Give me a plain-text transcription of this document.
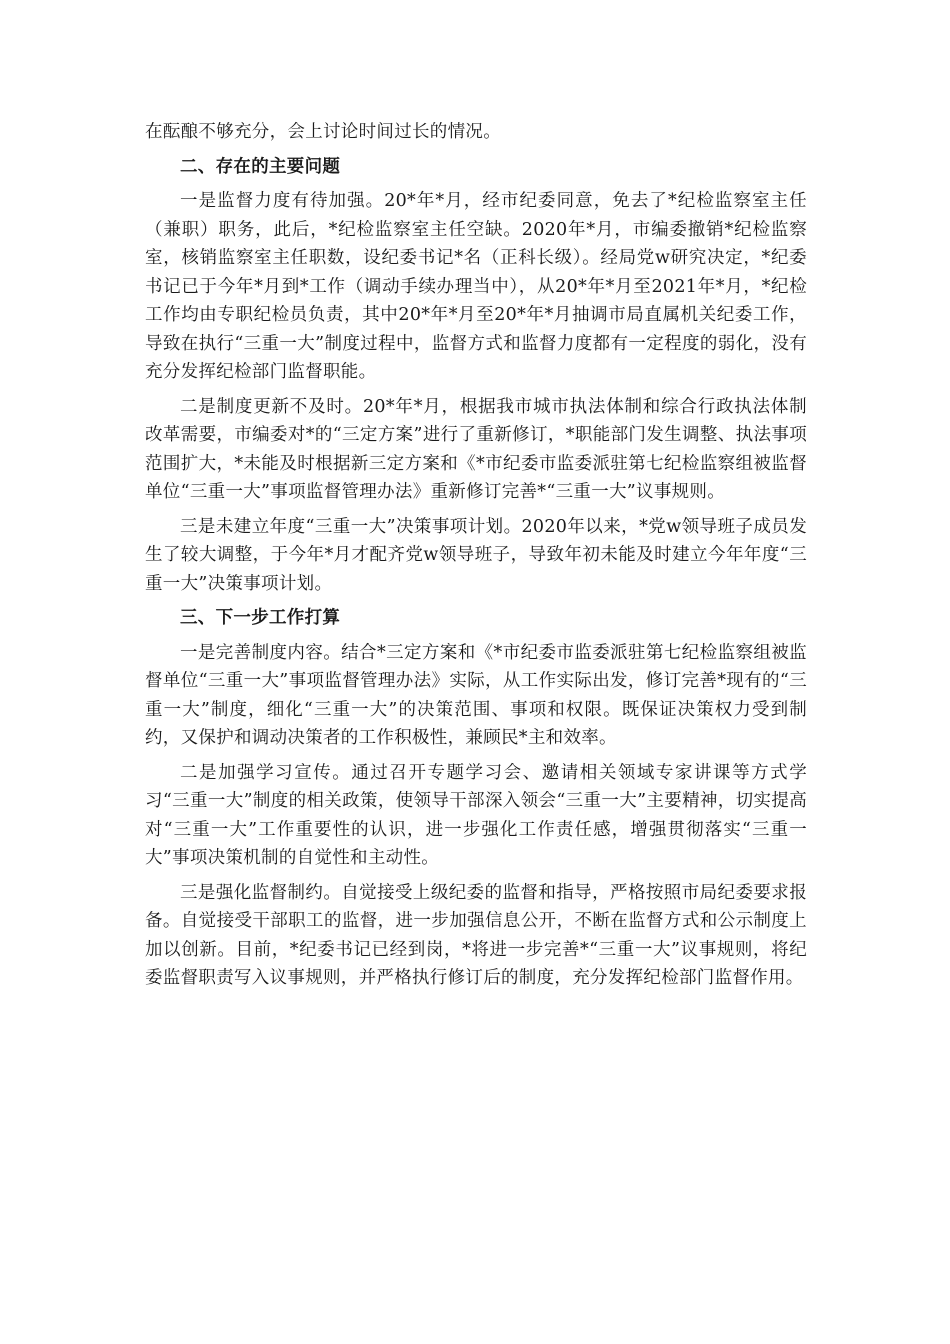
在酝酿不够充分，会上讨论时间过长的情况。

二、存在的主要问题

一是监督力度有待加强。20*年*月，经市纪委同意，免去了*纪检监察室主任（兼职）职务，此后，*纪检监察室主任空缺。2020年*月，市编委撤销*纪检监察室，核销监察室主任职数，设纪委书记*名（正科长级）。经局党w研究决定，*纪委书记已于今年*月到*工作（调动手续办理当中），从20*年*月至2021年*月，*纪检工作均由专职纪检员负责，其中20*年*月至20*年*月抽调市局直属机关纪委工作，导致在执行“三重一大”制度过程中，监督方式和监督力度都有一定程度的弱化，没有充分发挥纪检部门监督职能。

二是制度更新不及时。20*年*月，根据我市城市执法体制和综合行政执法体制改革需要，市编委对*的“三定方案”进行了重新修订，*职能部门发生调整、执法事项范围扩大，*未能及时根据新三定方案和《*市纪委市监委派驻第七纪检监察组被监督单位“三重一大”事项监督管理办法》重新修订完善*“三重一大”议事规则。

三是未建立年度“三重一大”决策事项计划。2020年以来，*党w领导班子成员发生了较大调整，于今年*月才配齐党w领导班子，导致年初未能及时建立今年年度“三重一大”决策事项计划。

三、下一步工作打算

一是完善制度内容。结合*三定方案和《*市纪委市监委派驻第七纪检监察组被监督单位“三重一大”事项监督管理办法》实际，从工作实际出发，修订完善*现有的“三重一大”制度，细化“三重一大”的决策范围、事项和权限。既保证决策权力受到制约，又保护和调动决策者的工作积极性，兼顾民*主和效率。

二是加强学习宣传。通过召开专题学习会、邀请相关领域专家讲课等方式学习“三重一大”制度的相关政策，使领导干部深入领会“三重一大”主要精神，切实提高对“三重一大”工作重要性的认识，进一步强化工作责任感，增强贯彻落实“三重一大”事项决策机制的自觉性和主动性。

三是强化监督制约。自觉接受上级纪委的监督和指导，严格按照市局纪委要求报备。自觉接受干部职工的监督，进一步加强信息公开，不断在监督方式和公示制度上加以创新。目前，*纪委书记已经到岗，*将进一步完善*“三重一大”议事规则，将纪委监督职责写入议事规则，并严格执行修订后的制度，充分发挥纪检部门监督作用。
